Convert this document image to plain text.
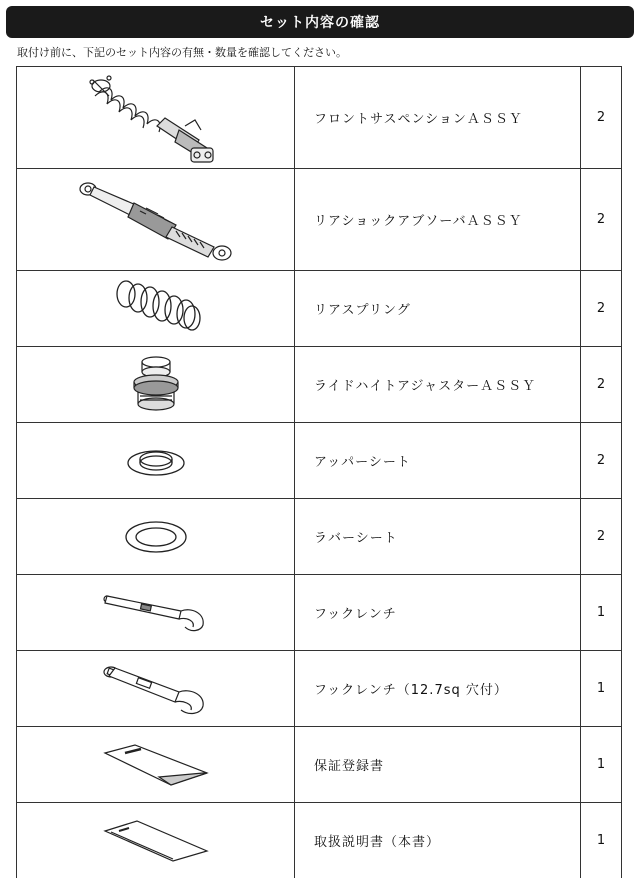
セット内容の確認
取付け前に、下記のセット内容の有無・数量を確認してください。
	フロントサスペンションＡＳＳＹ	2

	リアショックアブソーバＡＳＳＹ	2

	リアスプリング	2

	ライドハイトアジャスターＡＳＳＹ	2

	アッパーシート	2

	ラバーシート	2

	フックレンチ	1

	フックレンチ（12.7sq 穴付）	1

	保証登録書	1

	取扱説明書（本書）	1
